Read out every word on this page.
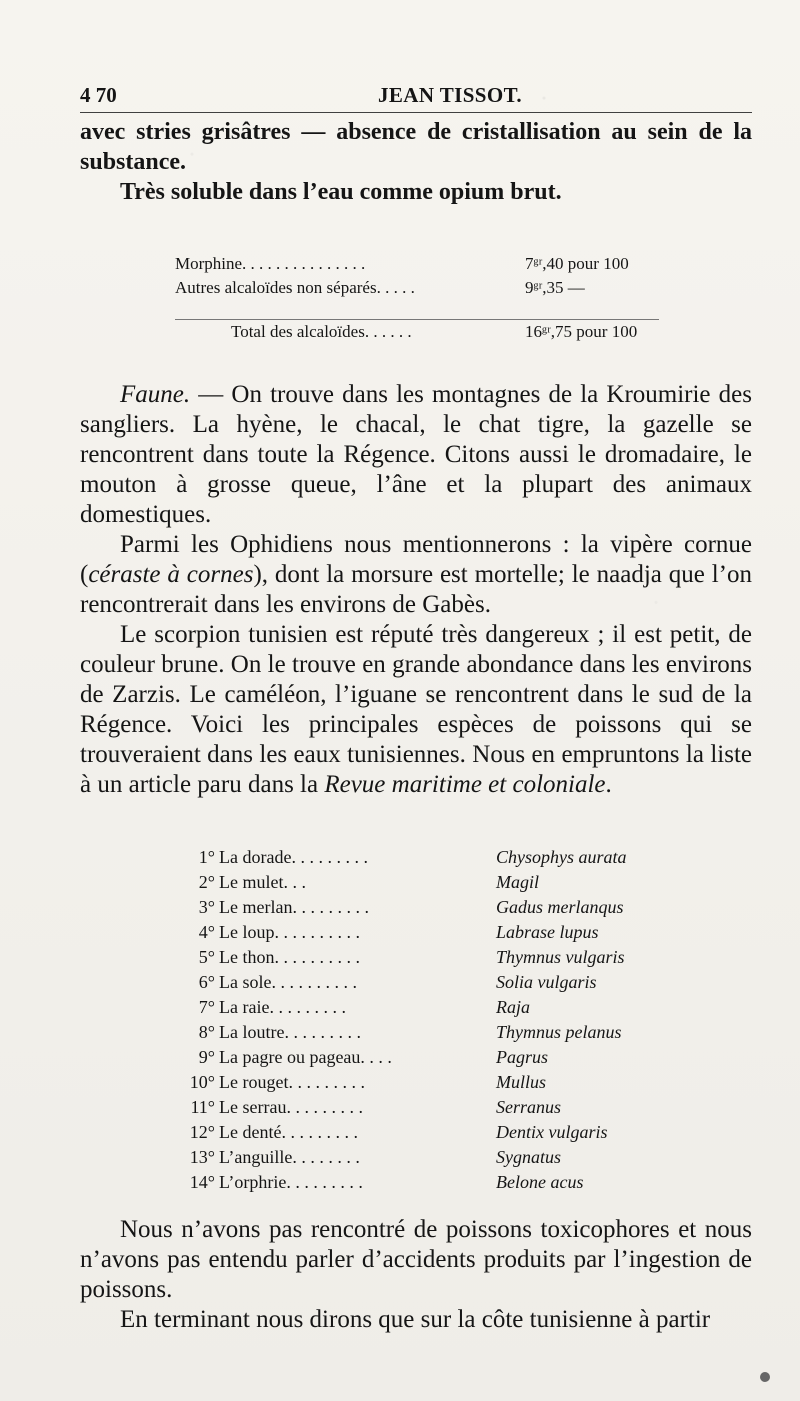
4 70	JEAN TISSOT.

avec stries grisâtres — absence de cristallisation au sein de la substance.

Très soluble dans l’eau comme opium brut.

Morphine. . . . . . . . . . . . . . .	7ᵍʳ,40 pour 100
Autres alcaloïdes non séparés. . . . .	9ᵍʳ,35 —
Total des alcaloïdes. . . . . .	16ᵍʳ,75 pour 100

Faune. — On trouve dans les montagnes de la Kroumirie des sangliers. La hyène, le chacal, le chat tigre, la gazelle se rencontrent dans toute la Régence. Citons aussi le dromadaire, le mouton à grosse queue, l’âne et la plupart des animaux domestiques.

Parmi les Ophidiens nous mentionnerons : la vipère cornue (céraste à cornes), dont la morsure est mortelle; le naadja que l’on rencontrerait dans les environs de Gabès.

Le scorpion tunisien est réputé très dangereux ; il est petit, de couleur brune. On le trouve en grande abondance dans les environs de Zarzis. Le caméléon, l’iguane se rencontrent dans le sud de la Régence. Voici les principales espèces de poissons qui se trouveraient dans les eaux tunisiennes. Nous en empruntons la liste à un article paru dans la Revue maritime et coloniale.

1° La dorade. . . . . . . . .	Chysophys aurata
2° Le mulet. . .	Magil
3° Le merlan. . . . . . . . .	Gadus merlanqus
4° Le loup. . . . . . . . . .	Labrase lupus
5° Le thon. . . . . . . . . .	Thymnus vulgaris
6° La sole. . . . . . . . . .	Solia vulgaris
7° La raie. . . . . . . . .	Raja
8° La loutre. . . . . . . . .	Thymnus pelanus
9° La pagre ou pageau. . . .	Pagrus
10° Le rouget. . . . . . . . .	Mullus
11° Le serrau. . . . . . . . .	Serranus
12° Le denté. . . . . . . . .	Dentix vulgaris
13° L’anguille. . . . . . . .	Sygnatus
14° L’orphrie. . . . . . . . .	Belone acus

Nous n’avons pas rencontré de poissons toxicophores et nous n’avons pas entendu parler d’accidents produits par l’ingestion de poissons.

En terminant nous dirons que sur la côte tunisienne à partir
